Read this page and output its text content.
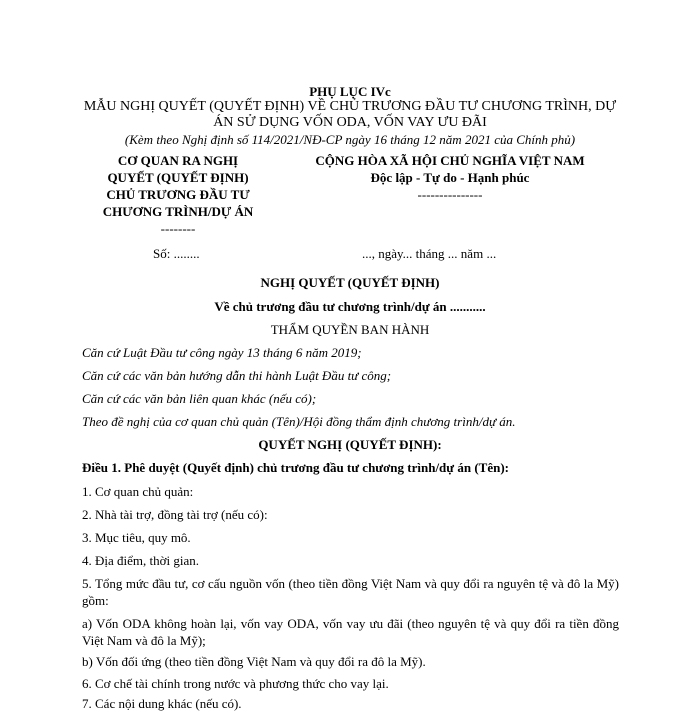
PHỤ LỤC IVc
MẪU NGHỊ QUYẾT (QUYẾT ĐỊNH) VỀ CHỦ TRƯƠNG ĐẦU TƯ CHƯƠNG TRÌNH, DỰ
ÁN SỬ DỤNG VỐN ODA, VỐN VAY ƯU ĐÃI
(Kèm theo Nghị định số 114/2021/NĐ-CP ngày 16 tháng 12 năm 2021 của Chính phủ)
CƠ QUAN RA NGHỊ
QUYẾT (QUYẾT ĐỊNH)
CHỦ TRƯƠNG ĐẦU TƯ
CHƯƠNG TRÌNH/DỰ ÁN
--------
CỘNG HÒA XÃ HỘI CHỦ NGHĨA VIỆT NAM
Độc lập - Tự do - Hạnh phúc
---------------
Số: ........	..., ngày... tháng ... năm ...
NGHỊ QUYẾT (QUYẾT ĐỊNH)
Về chủ trương đầu tư chương trình/dự án ...........
THẨM QUYỀN BAN HÀNH
Căn cứ Luật Đầu tư công ngày 13 tháng 6 năm 2019;
Căn cứ các văn bản hướng dẫn thi hành Luật Đầu tư công;
Căn cứ các văn bản liên quan khác (nếu có);
Theo đề nghị của cơ quan chủ quản (Tên)/Hội đồng thẩm định chương trình/dự án.
QUYẾT NGHỊ (QUYẾT ĐỊNH):
Điều 1. Phê duyệt (Quyết định) chủ trương đầu tư chương trình/dự án (Tên):
1. Cơ quan chủ quản:
2. Nhà tài trợ, đồng tài trợ (nếu có):
3. Mục tiêu, quy mô.
4. Địa điểm, thời gian.
5. Tổng mức đầu tư, cơ cấu nguồn vốn (theo tiền đồng Việt Nam và quy đổi ra nguyên tệ và đô la Mỹ) gồm:
a) Vốn ODA không hoàn lại, vốn vay ODA, vốn vay ưu đãi (theo nguyên tệ và quy đổi ra tiền đồng Việt Nam và đô la Mỹ);
b) Vốn đối ứng (theo tiền đồng Việt Nam và quy đổi ra đô la Mỹ).
6. Cơ chế tài chính trong nước và phương thức cho vay lại.
7. Các nội dung khác (nếu có).
